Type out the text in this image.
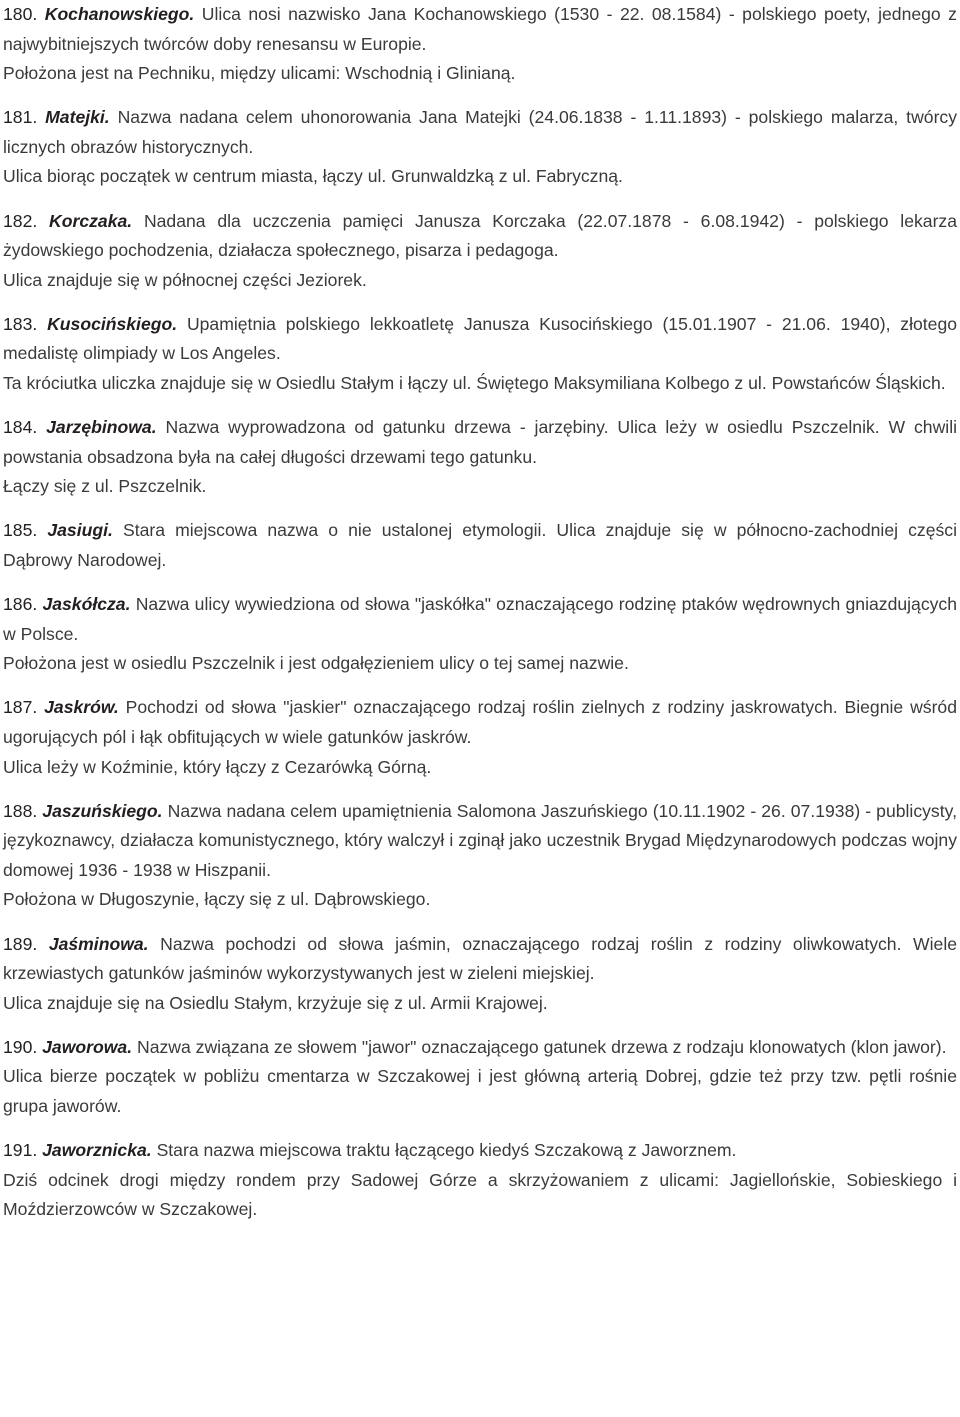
180. Kochanowskiego. Ulica nosi nazwisko Jana Kochanowskiego (1530 - 22. 08.1584) - polskiego poety, jednego z najwybitniejszych twórców doby renesansu w Europie.

Położona jest na Pechniku, między ulicami: Wschodnią i Glinianą.

181. Matejki. Nazwa nadana celem uhonorowania Jana Matejki (24.06.1838 - 1.11.1893) - polskiego malarza, twórcy licznych obrazów historycznych.

Ulica biorąc początek w centrum miasta, łączy ul. Grunwaldzką z ul. Fabryczną.

182. Korczaka. Nadana dla uczczenia pamięci Janusza Korczaka (22.07.1878 - 6.08.1942) - polskiego lekarza żydowskiego pochodzenia, działacza społecznego, pisarza i pedagoga.

Ulica znajduje się w północnej części Jeziorek.

183. Kusocińskiego. Upamiętnia polskiego lekkoatletę Janusza Kusocińskiego (15.01.1907 - 21.06. 1940), złotego medalistę olimpiady w Los Angeles.

Ta króciutka uliczka znajduje się w Osiedlu Stałym i łączy ul. Świętego Maksymiliana Kolbego z ul. Powstańców Śląskich.

184. Jarzębinowa. Nazwa wyprowadzona od gatunku drzewa - jarzębiny. Ulica leży w osiedlu Pszczelnik. W chwili powstania obsadzona była na całej długości drzewami tego gatunku.

Łączy się z ul. Pszczelnik.

185. Jasiugi. Stara miejscowa nazwa o nie ustalonej etymologii. Ulica znajduje się w północno-zachodniej części Dąbrowy Narodowej.

186. Jaskółcza. Nazwa ulicy wywiedziona od słowa "jaskółka" oznaczającego rodzinę ptaków wędrownych gniazdujących w Polsce.

Położona jest w osiedlu Pszczelnik i jest odgałęzieniem ulicy o tej samej nazwie.

187. Jaskrów. Pochodzi od słowa "jaskier" oznaczającego rodzaj roślin zielnych z rodziny jaskrowatych. Biegnie wśród ugorujących pól i łąk obfitujących w wiele gatunków jaskrów.

Ulica leży w Koźminie, który łączy z Cezarówką Górną.

188. Jaszuńskiego. Nazwa nadana celem upamiętnienia Salomona Jaszuńskiego (10.11.1902 - 26. 07.1938) - publicysty, językoznawcy, działacza komunistycznego, który walczył i zginął jako uczestnik Brygad Międzynarodowych podczas wojny domowej 1936 - 1938 w Hiszpanii.

Położona w Długoszynie, łączy się z ul. Dąbrowskiego.

189. Jaśminowa. Nazwa pochodzi od słowa jaśmin, oznaczającego rodzaj roślin z rodziny oliwkowatych. Wiele krzewiastych gatunków jaśminów wykorzystywanych jest w zieleni miejskiej.

Ulica znajduje się na Osiedlu Stałym, krzyżuje się z ul. Armii Krajowej.

190. Jaworowa. Nazwa związana ze słowem "jawor" oznaczającego gatunek drzewa z rodzaju klonowatych (klon jawor).

Ulica bierze początek w pobliżu cmentarza w Szczakowej i jest główną arterią Dobrej, gdzie też przy tzw. pętli rośnie grupa jaworów.

191. Jaworznicka. Stara nazwa miejscowa traktu łączącego kiedyś Szczakową z Jaworznem.

Dziś odcinek drogi między rondem przy Sadowej Górze a skrzyżowaniem z ulicami: Jagiellońskie, Sobieskiego i Moździerzowców w Szczakowej.
